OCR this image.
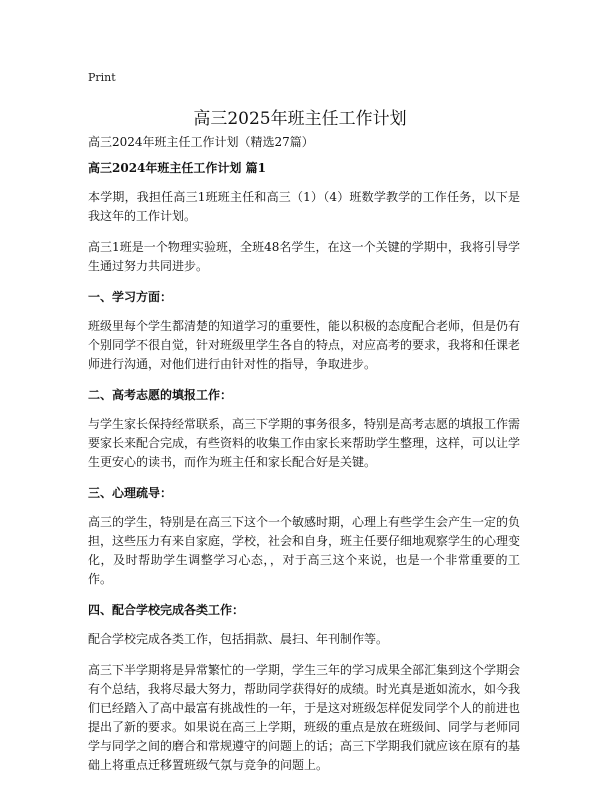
Print
高三2025年班主任工作计划

高三2024年班主任工作计划（精选27篇）

高三2024年班主任工作计划 篇1

本学期，我担任高三1班班主任和高三（1）（4）班数学教学的工作任务，以下是我这年的工作计划。

高三1班是一个物理实验班，全班48名学生，在这一个关键的学期中，我将引导学生通过努力共同进步。

一、学习方面：

班级里每个学生都清楚的知道学习的重要性，能以积极的态度配合老师，但是仍有个别同学不很自觉，针对班级里学生各自的特点，对应高考的要求，我将和任课老师进行沟通，对他们进行由针对性的指导，争取进步。

二、高考志愿的填报工作：

与学生家长保持经常联系，高三下学期的事务很多，特别是高考志愿的填报工作需要家长来配合完成，有些资料的收集工作由家长来帮助学生整理，这样，可以让学生更安心的读书，而作为班主任和家长配合好是关键。

三、心理疏导：

高三的学生，特别是在高三下这个一个敏感时期，心理上有些学生会产生一定的负担，这些压力有来自家庭，学校，社会和自身，班主任要仔细地观察学生的心理变化，及时帮助学生调整学习心态，，对于高三这个来说，也是一个非常重要的工作。

四、配合学校完成各类工作：

配合学校完成各类工作，包括捐款、晨扫、年刊制作等。

高三下半学期将是异常繁忙的一学期，学生三年的学习成果全部汇集到这个学期会有个总结，我将尽最大努力，帮助同学获得好的成绩。时光真是逝如流水，如今我们已经踏入了高中最富有挑战性的一年，于是这对班级怎样促发同学个人的前进也提出了新的要求。如果说在高三上学期，班级的重点是放在班级间、同学与老师同学与同学之间的磨合和常规遵守的问题上的话；高三下学期我们就应该在原有的基础上将重点迁移置班级气氛与竞争的问题上。
